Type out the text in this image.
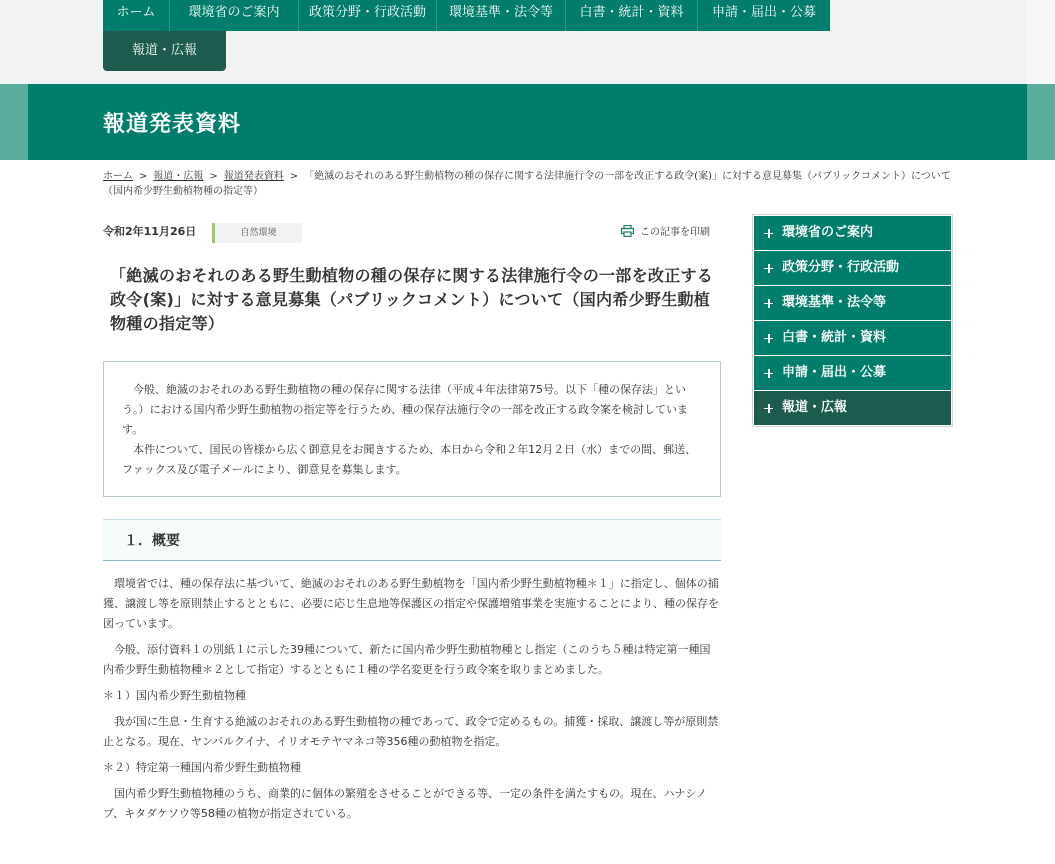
ホーム	環境省のご案内	政策分野・行政活動	環境基準・法令等	白書・統計・資料	申請・届出・公募
報道・広報
報道発表資料
ホーム > 報道・広報 > 報道発表資料 > 「絶滅のおそれのある野生動植物の種の保存に関する法律施行令の一部を改正する政令(案)」に対する意見募集（パブリックコメント）について（国内希少野生動植物種の指定等）
令和2年11月26日	自然環境	この記事を印刷
「絶滅のおそれのある野生動植物の種の保存に関する法律施行令の一部を改正する政令(案)」に対する意見募集（パブリックコメント）について（国内希少野生動植物種の指定等）

今般、絶滅のおそれのある野生動植物の種の保存に関する法律（平成４年法律第75号。以下「種の保存法」という。）における国内希少野生動植物の指定等を行うため、種の保存法施行令の一部を改正する政令案を検討しています。

本件について、国民の皆様から広く御意見をお聞きするため、本日から令和２年12月２日（水）までの間、郵送、ファックス及び電子メールにより、御意見を募集します。

１．概要

環境省では、種の保存法に基づいて、絶滅のおそれのある野生動植物を「国内希少野生動植物種＊１」に指定し、個体の捕獲、譲渡し等を原則禁止するとともに、必要に応じ生息地等保護区の指定や保護増殖事業を実施することにより、種の保存を図っています。

今般、添付資料１の別紙１に示した39種について、新たに国内希少野生動植物種とし指定（このうち５種は特定第一種国内希少野生動植物種＊２として指定）するとともに１種の学名変更を行う政令案を取りまとめました。

＊１）国内希少野生動植物種

我が国に生息・生育する絶滅のおそれのある野生動植物の種であって、政令で定めるもの。捕獲・採取、譲渡し等が原則禁止となる。現在、ヤンバルクイナ、イリオモテヤマネコ等356種の動植物を指定。

＊２）特定第一種国内希少野生動植物種

国内希少野生動植物種のうち、商業的に個体の繁殖をさせることができる等、一定の条件を満たすもの。現在、ハナシノブ、キタダケソウ等58種の植物が指定されている。

環境省のご案内
政策分野・行政活動
環境基準・法令等
白書・統計・資料
申請・届出・公募
報道・広報
